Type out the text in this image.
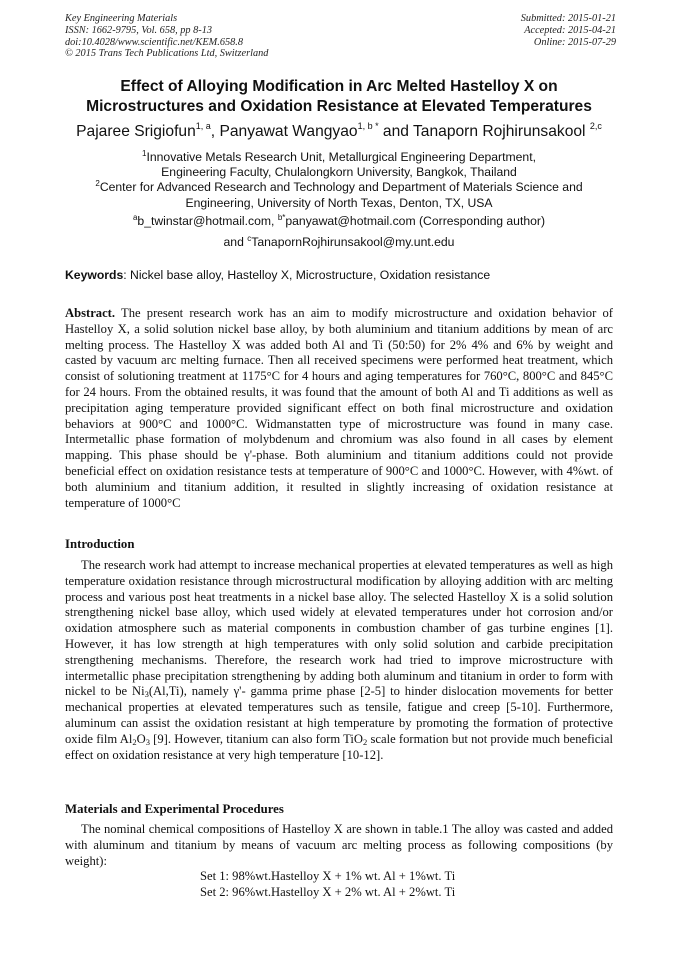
Key Engineering Materials
ISSN: 1662-9795, Vol. 658, pp 8-13
doi:10.4028/www.scientific.net/KEM.658.8
© 2015 Trans Tech Publications Ltd, Switzerland
Submitted: 2015-01-21
Accepted: 2015-04-21
Online: 2015-07-29
Effect of Alloying Modification in Arc Melted Hastelloy X on
Microstructures and Oxidation Resistance at Elevated Temperatures
Pajaree Srigiofun$^{1, a}$, Panyawat Wangyao$^{1, b *}$ and Tanaporn Rojhirunsakool $^{2,c}$
$^1$Innovative Metals Research Unit, Metallurgical Engineering Department,
Engineering Faculty, Chulalongkorn University, Bangkok, Thailand
$^2$Center for Advanced Research and Technology and Department of Materials Science and
Engineering, University of North Texas, Denton, TX, USA
$^a$b_twinstar@hotmail.com, $^{b*}$panyawat@hotmail.com (Corresponding author)
and $^c$TanapornRojhirunsakool@my.unt.edu
Keywords: Nickel base alloy, Hastelloy X, Microstructure, Oxidation resistance

Abstract. The present research work has an aim to modify microstructure and oxidation behavior of Hastelloy X, a solid solution nickel base alloy, by both aluminium and titanium additions by mean of arc melting process. The Hastelloy X was added both Al and Ti (50:50) for 2% 4% and 6% by weight and casted by vacuum arc melting furnace. Then all received specimens were performed heat treatment, which consist of solutioning treatment at 1175°C for 4 hours and aging temperatures for 760°C, 800°C and 845°C for 24 hours. From the obtained results, it was found that the amount of both Al and Ti additions as well as precipitation aging temperature provided significant effect on both final microstructure and oxidation behaviors at 900°C and 1000°C. Widmanstatten type of microstructure was found in many case. Intermetallic phase formation of molybdenum and chromium was also found in all cases by element mapping. This phase should be γ'-phase. Both aluminium and titanium additions could not provide beneficial effect on oxidation resistance tests at temperature of 900°C and 1000°C. However, with 4%wt. of both aluminium and titanium addition, it resulted in slightly increasing of oxidation resistance at temperature of 1000°C

Introduction

The research work had attempt to increase mechanical properties at elevated temperatures as well as high temperature oxidation resistance through microstructural modification by alloying addition with arc melting process and various post heat treatments in a nickel base alloy. The selected Hastelloy X is a solid solution strengthening nickel base alloy, which used widely at elevated temperatures under hot corrosion and/or oxidation atmosphere such as material components in combustion chamber of gas turbine engines [1]. However, it has low strength at high temperatures with only solid solution and carbide precipitation strengthening mechanisms. Therefore, the research work had tried to improve microstructure with intermetallic phase precipitation strengthening by adding both aluminum and titanium in order to form with nickel to be $Ni_3(Al,Ti)$, namely γ'- gamma prime phase [2-5] to hinder dislocation movements for better mechanical properties at elevated temperatures such as tensile, fatigue and creep [5-10]. Furthermore, aluminum can assist the oxidation resistant at high temperature by promoting the formation of protective oxide film $Al_2O_3$ [9]. However, titanium can also form TiO$_2$ scale formation but not provide much beneficial effect on oxidation resistance at very high temperature [10-12].

Materials and Experimental Procedures

The nominal chemical compositions of Hastelloy X are shown in table.1 The alloy was casted and added with aluminum and titanium by means of vacuum arc melting process as following compositions (by weight):

Set 1: 98%wt.Hastelloy X + 1% wt. Al + 1%wt. Ti
Set 2: 96%wt.Hastelloy X + 2% wt. Al + 2%wt. Ti
